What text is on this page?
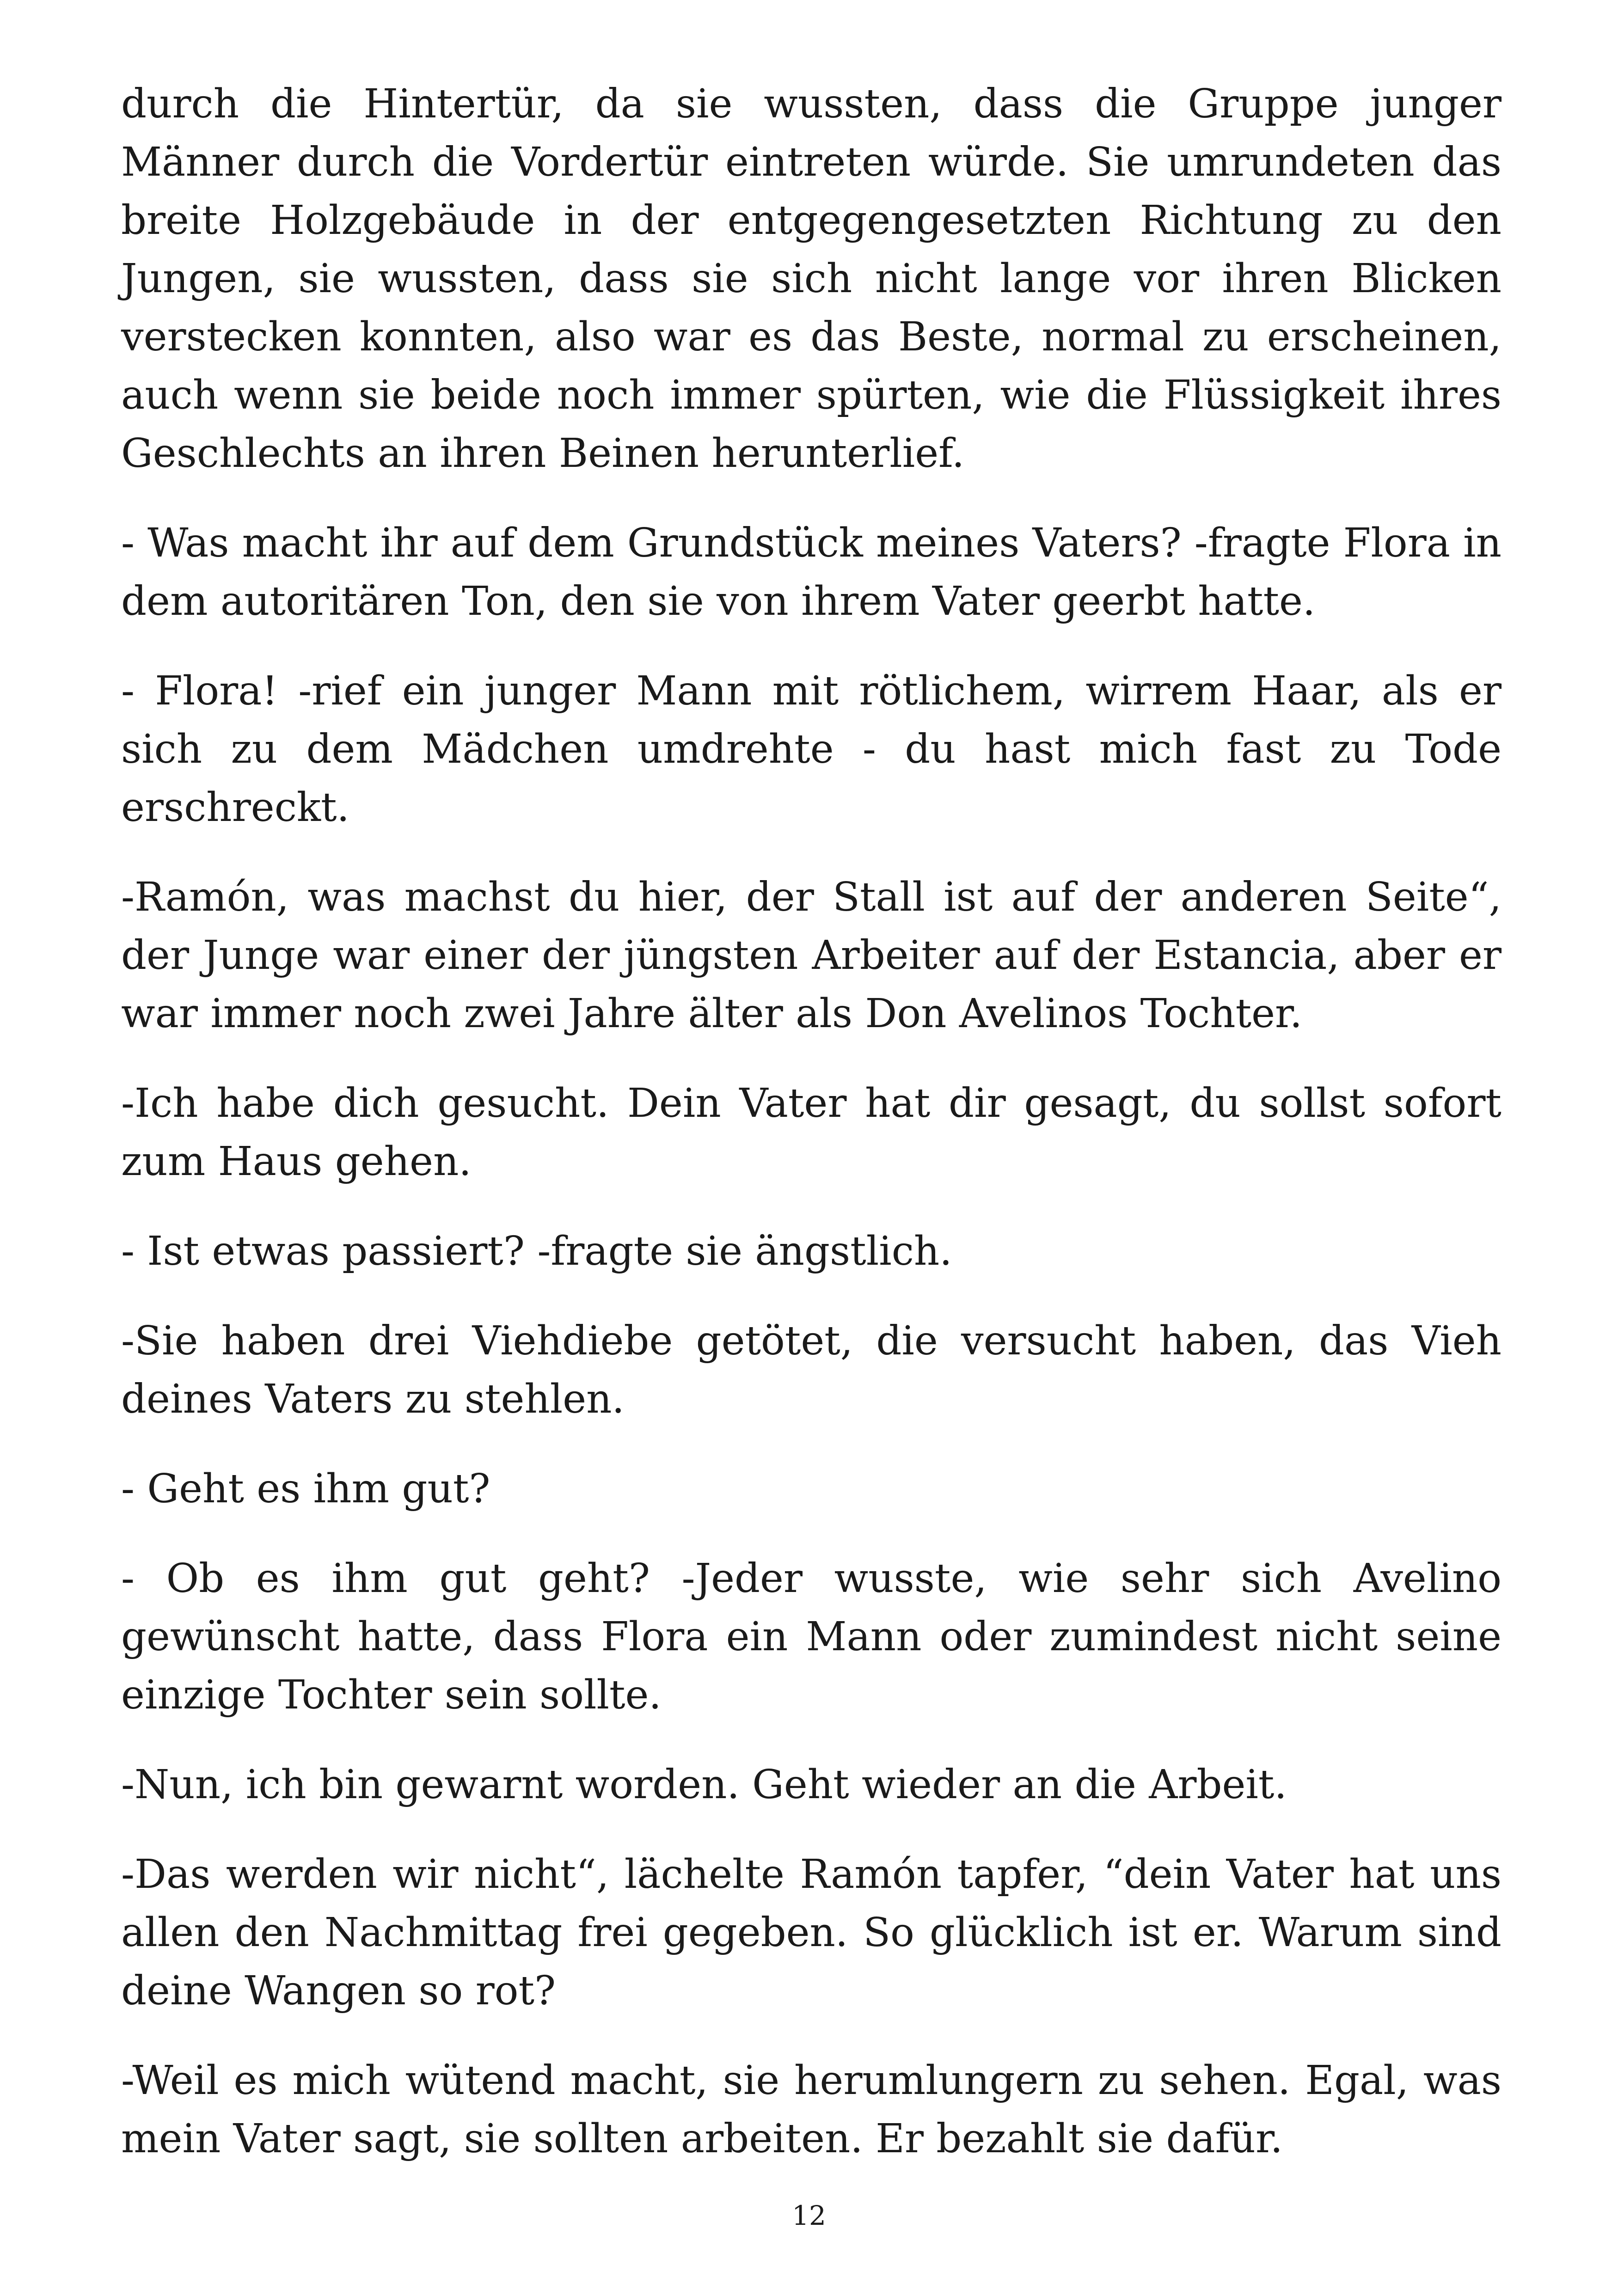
durch die Hintertür, da sie wussten, dass die Gruppe junger Männer durch die Vordertür eintreten würde. Sie umrundeten das breite Holzgebäude in der entgegengesetzten Richtung zu den Jungen, sie wussten, dass sie sich nicht lange vor ihren Blicken verstecken konnten, also war es das Beste, normal zu erscheinen, auch wenn sie beide noch immer spürten, wie die Flüssigkeit ihres Geschlechts an ihren Beinen herunterlief.

- Was macht ihr auf dem Grundstück meines Vaters? -fragte Flora in dem autoritären Ton, den sie von ihrem Vater geerbt hatte.

- Flora! -rief ein junger Mann mit rötlichem, wirrem Haar, als er sich zu dem Mädchen umdrehte - du hast mich fast zu Tode erschreckt.

-Ramón, was machst du hier, der Stall ist auf der anderen Seite“, der Junge war einer der jüngsten Arbeiter auf der Estancia, aber er war immer noch zwei Jahre älter als Don Avelinos Tochter.

-Ich habe dich gesucht. Dein Vater hat dir gesagt, du sollst sofort zum Haus gehen.

- Ist etwas passiert? -fragte sie ängstlich.

-Sie haben drei Viehdiebe getötet, die versucht haben, das Vieh deines Vaters zu stehlen.

- Geht es ihm gut?

- Ob es ihm gut geht? -Jeder wusste, wie sehr sich Avelino gewünscht hatte, dass Flora ein Mann oder zumindest nicht seine einzige Tochter sein sollte.

-Nun, ich bin gewarnt worden. Geht wieder an die Arbeit.

-Das werden wir nicht“, lächelte Ramón tapfer, “dein Vater hat uns allen den Nachmittag frei gegeben. So glücklich ist er. Warum sind deine Wangen so rot?

-Weil es mich wütend macht, sie herumlungern zu sehen. Egal, was mein Vater sagt, sie sollten arbeiten. Er bezahlt sie dafür.

12
